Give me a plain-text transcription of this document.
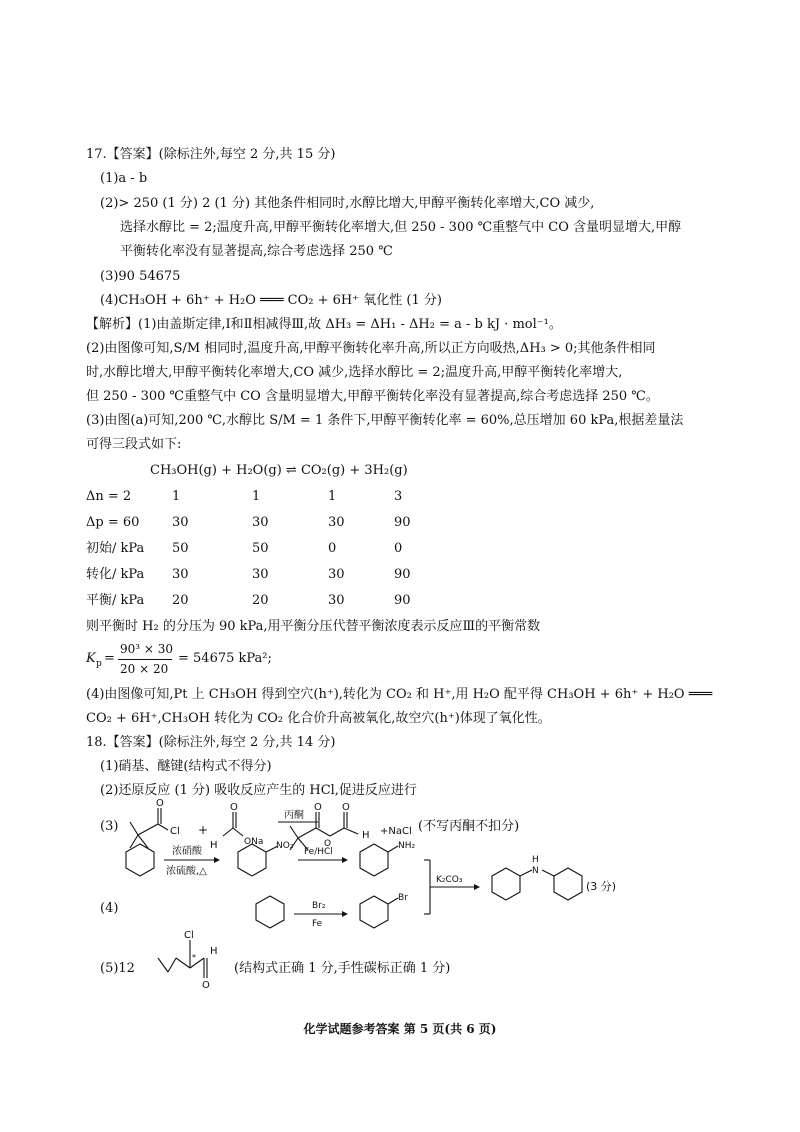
17.【答案】(除标注外,每空 2 分,共 15 分)
(1)a - b
(2)> 250 (1 分) 2 (1 分) 其他条件相同时,水醇比增大,甲醇平衡转化率增大,CO 减少,
选择水醇比 = 2;温度升高,甲醇平衡转化率增大,但 250 - 300 ℃重整气中 CO 含量明显增大,甲醇
平衡转化率没有显著提高,综合考虑选择 250 ℃
(3)90 54675
(4)CH₃OH + 6h⁺ + H₂O ═══ CO₂ + 6H⁺ 氧化性 (1 分)
【解析】(1)由盖斯定律,Ⅰ和Ⅱ相减得Ⅲ,故 ΔH₃ = ΔH₁ - ΔH₂ = a - b kJ · mol⁻¹。
(2)由图像可知,S/M 相同时,温度升高,甲醇平衡转化率升高,所以正方向吸热,ΔH₃ > 0;其他条件相同
时,水醇比增大,甲醇平衡转化率增大,CO 减少,选择水醇比 = 2;温度升高,甲醇平衡转化率增大,
但 250 - 300 ℃重整气中 CO 含量明显增大,甲醇平衡转化率没有显著提高,综合考虑选择 250 ℃。
(3)由图(a)可知,200 ℃,水醇比 S/M = 1 条件下,甲醇平衡转化率 = 60%,总压增加 60 kPa,根据差量法
可得三段式如下:
CH₃OH(g) + H₂O(g) ⇌ CO₂(g) + 3H₂(g)
Δn = 2	1	1	1	3
Δp = 60	30	30	30	90
初始/ kPa 50	50	0	0
转化/ kPa 30	30	30	90
平衡/ kPa 20	20	30	90
则平衡时 H₂ 的分压为 90 kPa,用平衡分压代替平衡浓度表示反应Ⅲ的平衡常数
K p =
90³ × 30
20 × 20
= 54675 kPa²;
(4)由图像可知,Pt 上 CH₃OH 得到空穴(h⁺),转化为 CO₂ 和 H⁺,用 H₂O 配平得 CH₃OH + 6h⁺ + H₂O ═══
CO₂ + 6H⁺,CH₃OH 转化为 CO₂ 化合价升高被氧化,故空穴(h⁺)体现了氧化性。
18.【答案】(除标注外,每空 2 分,共 14 分)
(1)硝基、醚键(结构式不得分)
(2)还原反应 (1 分) 吸收反应产生的 HCl,促进反应进行
(3)
O
Cl +
H
O
ONa
丙酮
O
O
O
H +NaCl (不写丙酮不扣分)
(4)
浓硝酸
浓硫酸,△
NO₂
Fe/HCl
NH₂
Br₂
Fe
Br
K₂CO₃
H
N
(3 分)
(5)12
Cl
*
H
O
(结构式正确 1 分,手性碳标正确 1 分)
化学试题参考答案 第 5 页(共 6 页)
